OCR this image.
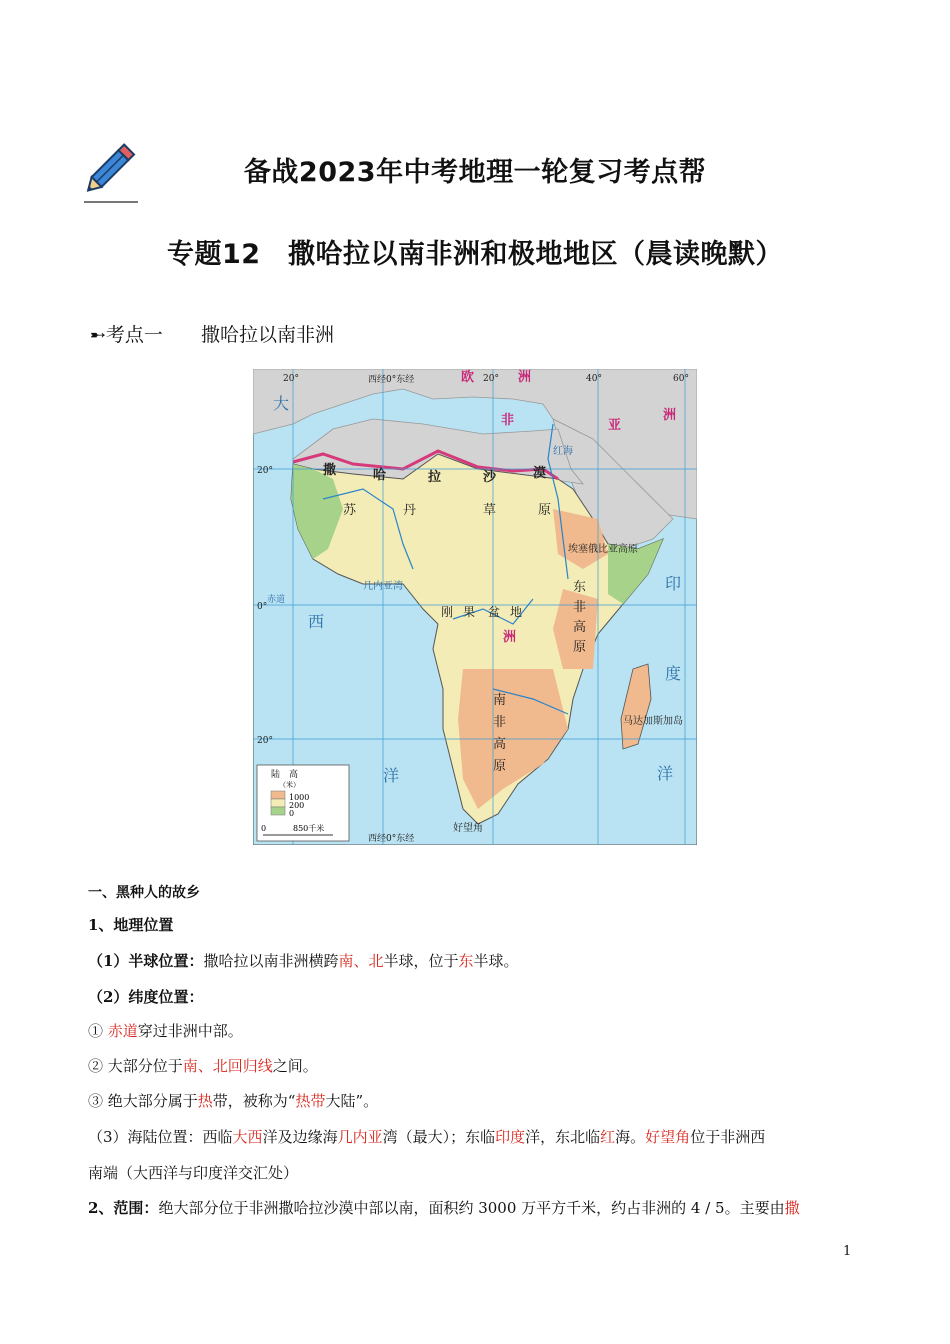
备战2023年中考地理一轮复习考点帮
专题12　撒哈拉以南非洲和极地地区（晨读晚默）
➸考点一 撒哈拉以南非洲
欧	洲
亚
洲
非
洲
撒	哈	拉	沙	漠
苏	丹	草	原
埃塞俄比亚高原
东
非
高
原
刚 果 盆 地
南
非
高
原
马达加斯加岛
几内亚湾
好望角
红海
大
西
洋
印
度
洋
赤道
西经0°东经
西经0°东经
20°
0°
20°
20°	20°	40°	60°
陆　高
（米）
1000
200
0
0	850千米
一、黑种人的故乡
1、地理位置
（1）半球位置：撒哈拉以南非洲横跨南、北半球，位于东半球。
（2）纬度位置：
① 赤道穿过非洲中部。
② 大部分位于南、北回归线之间。
③ 绝大部分属于热带，被称为“热带大陆”。
（3）海陆位置：西临大西洋及边缘海几内亚湾（最大）；东临印度洋，东北临红海。好望角位于非洲西
南端（大西洋与印度洋交汇处）
2、范围：绝大部分位于非洲撒哈拉沙漠中部以南，面积约 3000 万平方千米，约占非洲的 4 / 5。主要由撒
1
